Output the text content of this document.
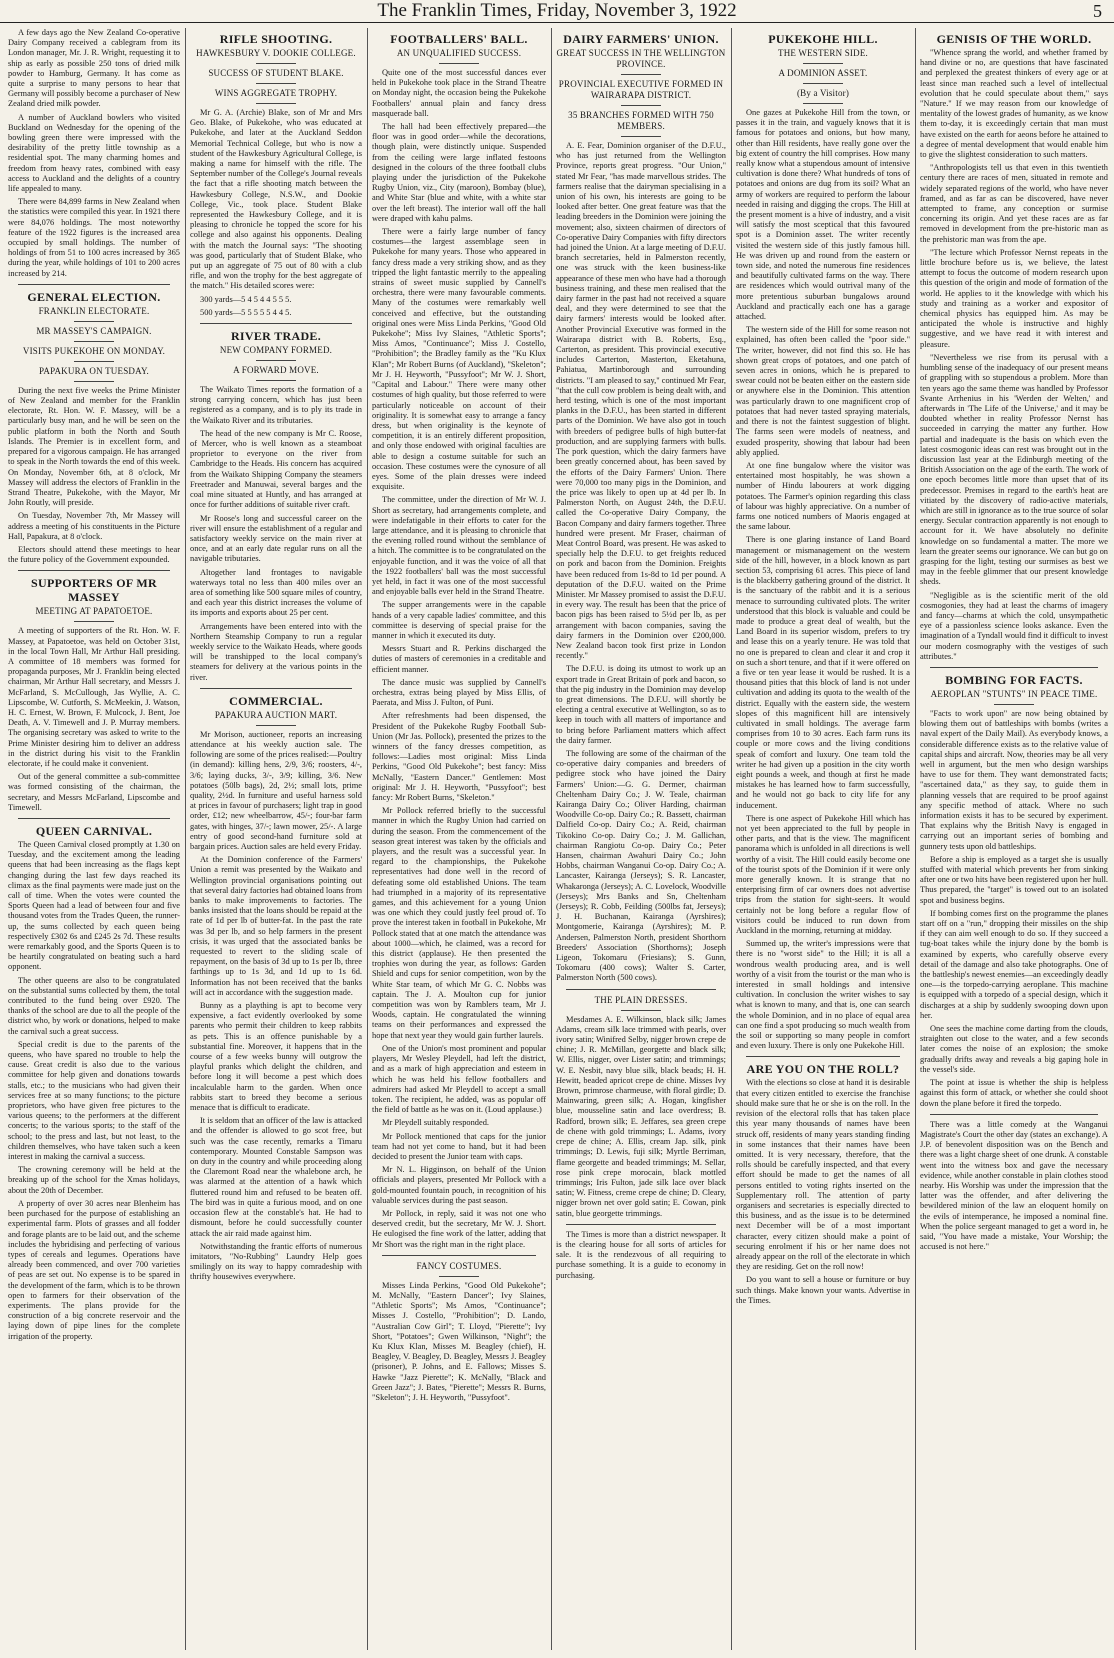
The Franklin Times, Friday, November 3, 1922	5

A few days ago the New Zealand Co-operative Dairy Company received a cablegram from its London manager, Mr. J. R. Wright, requesting it to ship as early as possible 250 tons of dried milk powder to Hamburg, Germany. It has come as quite a surprise to many persons to hear that Germany will possibly become a purchaser of New Zealand dried milk powder.

A number of Auckland bowlers who visited Buckland on Wednesday for the opening of the bowling green there were impressed with the desirability of the pretty little township as a residential spot. The many charming homes and freedom from heavy rates, combined with easy access to Auckland and the delights of a country life appealed to many.

There were 84,899 farms in New Zealand when the statistics were compiled this year. In 1921 there were 84,076 holdings. The most noteworthy feature of the 1922 figures is the increased area occupied by small holdings. The number of holdings of from 51 to 100 acres increased by 365 during the year, while holdings of 101 to 200 acres increased by 214.

GENERAL ELECTION.
FRANKLIN ELECTORATE.
MR MASSEY'S CAMPAIGN.
VISITS PUKEKOHE ON MONDAY.
PAPAKURA ON TUESDAY.

During the next five weeks the Prime Minister of New Zealand and member for the Franklin electorate, Rt. Hon. W. F. Massey, will be a particularly busy man, and he will be seen on the public platform in both the North and South Islands. The Premier is in excellent form, and prepared for a vigorous campaign. He has arranged to speak in the North towards the end of this week. On Monday, November 6th, at 8 o'clock, Mr Massey will address the electors of Franklin in the Strand Theatre, Pukekohe, with the Mayor, Mr John Routly, will preside.

On Tuesday, November 7th, Mr Massey will address a meeting of his constituents in the Picture Hall, Papakura, at 8 o'clock.

Electors should attend these meetings to hear the future policy of the Government expounded.

SUPPORTERS OF MR MASSEY
MEETING AT PAPATOETOE.

A meeting of supporters of the Rt. Hon. W. F. Massey, at Papatoetoe, was held on October 31st, in the local Town Hall, Mr Arthur Hall presiding. A committee of 18 members was formed for propaganda purposes, Mr J. Franklin being elected chairman, Mr Arthur Hall secretary, and Messrs J. McFarland, S. McCullough, Jas Wyllie, A. C. Lipscombe, W. Cutforth, S. McMeekin, J. Watson, H. C. Ernest, W. Brown, F. Mulcock, J. Bent, Joe Death, A. V. Timewell and J. P. Murray members. The organising secretary was asked to write to the Prime Minister desiring him to deliver an address in the district during his visit to the Franklin electorate, if he could make it convenient.

Out of the general committee a sub-committee was formed consisting of the chairman, the secretary, and Messrs McFarland, Lipscombe and Timewell.

QUEEN CARNIVAL.

The Queen Carnival closed promptly at 1.30 on Tuesday, and the excitement among the leading queens that had been increasing as the flags kept changing during the last few days reached its climax as the final payments were made just on the call of time. When the votes were counted the Sports Queen had a lead of between four and five thousand votes from the Trades Queen, the runner-up, the sums collected by each queen being respectively £302 6s and £245 2s 7d. These results were remarkably good, and the Sports Queen is to be heartily congratulated on beating such a hard opponent.

The other queens are also to be congratulated on the substantial sums collected by them, the total contributed to the fund being over £920. The thanks of the school are due to all the people of the district who, by work or donations, helped to make the carnival such a great success.

Special credit is due to the parents of the queens, who have spared no trouble to help the cause. Great credit is also due to the various committee for help given and donations towards stalls, etc.; to the musicians who had given their services free at so many functions; to the picture proprietors, who have given free pictures to the various queens; to the performers at the different concerts; to the various sports; to the staff of the school; to the press and last, but not least, to the children themselves, who have taken such a keen interest in making the carnival a success.

The crowning ceremony will be held at the breaking up of the school for the Xmas holidays, about the 20th of December.

A property of over 30 acres near Blenheim has been purchased for the purpose of establishing an experimental farm. Plots of grasses and all fodder and forage plants are to be laid out, and the scheme includes the hybridising and perfecting of various types of cereals and legumes. Operations have already been commenced, and over 700 varieties of peas are set out. No expense is to be spared in the development of the farm, which is to be thrown open to farmers for their observation of the experiments. The plans provide for the construction of a big concrete reservoir and the laying down of pipe lines for the complete irrigation of the property.

RIFLE SHOOTING.
HAWKESBURY V. DOOKIE COLLEGE.
SUCCESS OF STUDENT BLAKE.
WINS AGGREGATE TROPHY.

Mr G. A. (Archie) Blake, son of Mr and Mrs Geo. Blake, of Pukekohe, who was educated at Pukekohe, and later at the Auckland Seddon Memorial Technical College, but who is now a student of the Hawkesbury Agricultural College, is making a name for himself with the rifle. The September number of the College's Journal reveals the fact that a rifle shooting match between the Hawkesbury College, N.S.W., and Dookie College, Vic., took place. Student Blake represented the Hawkesbury College, and it is pleasing to chronicle he topped the score for his college and also against his opponents. Dealing with the match the Journal says: "The shooting was good, particularly that of Student Blake, who put up an aggregate of 75 out of 80 with a club rifle, and won the trophy for the best aggregate of the match." His detailed scores were:

300 yards—5 4 5 4 4 5 5 5.

500 yards—5 5 5 5 5 4 4 5.

RIVER TRADE.
NEW COMPANY FORMED.
A FORWARD MOVE.

The Waikato Times reports the formation of a strong carrying concern, which has just been registered as a company, and is to ply its trade in the Waikato River and its tributaries.

The head of the new company is Mr C. Roose, of Mercer, who is well known as a steamboat proprietor to everyone on the river from Cambridge to the Heads. His concern has acquired from the Waikato Shipping Company the steamers Freetrader and Manuwai, several barges and the coal mine situated at Huntly, and has arranged at once for further additions of suitable river craft.

Mr Roose's long and successful career on the river will ensure the establishment of a regular and satisfactory weekly service on the main river at once, and at an early date regular runs on all the navigable tributaries.

Altogether land frontages to navigable waterways total no less than 400 miles over an area of something like 500 square miles of country, and each year this district increases the volume of its imports and exports about 25 per cent.

Arrangements have been entered into with the Northern Steamship Company to run a regular weekly service to the Waikato Heads, where goods will be transhipped to the local company's steamers for delivery at the various points in the river.

COMMERCIAL.
PAPAKURA AUCTION MART.

Mr Morison, auctioneer, reports an increasing attendance at his weekly auction sale. The following are some of the prices realised:—Poultry (in demand): killing hens, 2/9, 3/6; roosters, 4/-, 3/6; laying ducks, 3/-, 3/9; killing, 3/6. New potatoes (50lb bags), 2d, 2½; small lots, prime quality, 2½d. In furniture and useful harness sold at prices in favour of purchasers; light trap in good order, £12; new wheelbarrow, 45/-; four-bar farm gates, with hinges, 37/-; lawn mower, 25/-. A large entry of good second-hand furniture sold at bargain prices. Auction sales are held every Friday.

At the Dominion conference of the Farmers' Union a remit was presented by the Waikato and Wellington provincial organisations pointing out that several dairy factories had obtained loans from banks to make improvements to factories. The banks insisted that the loans should be repaid at the rate of 1d per lb of butter-fat. In the past the rate was 3d per lb, and so help farmers in the present crisis, it was urged that the associated banks be requested to revert to the sliding scale of repayment, on the basis of 3d up to 1s per lb, three farthings up to 1s 3d, and 1d up to 1s 6d. Information has not been received that the banks will act in accordance with the suggestion made.

Bunny as a plaything is apt to become very expensive, a fact evidently overlooked by some parents who permit their children to keep rabbits as pets. This is an offence punishable by a substantial fine. Moreover, it happens that in the course of a few weeks bunny will outgrow the playful pranks which delight the children, and before long it will become a pest which does incalculable harm to the garden. When once rabbits start to breed they become a serious menace that is difficult to eradicate.

It is seldom that an officer of the law is attacked and the offender is allowed to go scot free, but such was the case recently, remarks a Timaru contemporary. Mounted Constable Sampson was on duty in the country and while proceeding along the Claremont Road near the whalebone arch, he was alarmed at the attention of a hawk which fluttered round him and refused to be beaten off. The bird was in quite a furious mood, and on one occasion flew at the constable's hat. He had to dismount, before he could successfully counter attack the air raid made against him.

Notwithstanding the frantic efforts of numerous imitators, "No-Rubbing" Laundry Help goes smilingly on its way to happy comradeship with thrifty housewives everywhere.

FOOTBALLERS' BALL.
AN UNQUALIFIED SUCCESS.

Quite one of the most successful dances ever held in Pukekohe took place in the Strand Theatre on Monday night, the occasion being the Pukekohe Footballers' annual plain and fancy dress masquerade ball.

The hall had been effectively prepared—the floor was in good order—while the decorations, though plain, were distinctly unique. Suspended from the ceiling were large inflated festoons designed in the colours of the three football clubs playing under the jurisdiction of the Pukekohe Rugby Union, viz., City (maroon), Bombay (blue), and White Star (blue and white, with a white star over the left breast). The interior wall off the hall were draped with kahu palms.

There were a fairly large number of fancy costumes—the largest assemblage seen in Pukekohe for many years. Those who appeared in fancy dress made a very striking show, and as they tripped the light fantastic merrily to the appealing strains of sweet music supplied by Cannell's orchestra, there were many favourable comments. Many of the costumes were remarkably well conceived and effective, but the outstanding original ones were Miss Linda Perkins, "Good Old Pukekohe"; Miss Ivy Slaines, "Athletic Sports"; Miss Amos, "Continuance"; Miss J. Costello, "Prohibition"; the Bradley family as the "Ku Klux Klan"; Mr Robert Burns (of Auckland), "Skeleton"; Mr J. H. Heyworth, "Pussyfoot"; Mr W. J. Short, "Capital and Labour." There were many other costumes of high quality, but those referred to were particularly noticeable on account of their originality. It is somewhat easy to arrange a fancy dress, but when originality is the keynote of competition, it is an entirely different proposition, and only those endowed with original faculties are able to design a costume suitable for such an occasion. These costumes were the cynosure of all eyes. Some of the plain dresses were indeed exquisite.

The committee, under the direction of Mr W. J. Short as secretary, had arrangements complete, and were indefatigable in their efforts to cater for the large attendance, and it is pleasing to chronicle that the evening rolled round without the semblance of a hitch. The committee is to be congratulated on the enjoyable function, and it was the voice of all that the 1922 footballers' ball was the most successful yet held, in fact it was one of the most successful and enjoyable balls ever held in the Strand Theatre.

The supper arrangements were in the capable hands of a very capable ladies' committee, and this committee is deserving of special praise for the manner in which it executed its duty.

Messrs Stuart and R. Perkins discharged the duties of masters of ceremonies in a creditable and efficient manner.

The dance music was supplied by Cannell's orchestra, extras being played by Miss Ellis, of Paerata, and Miss J. Fulton, of Puni.

After refreshments had been dispensed, the President of the Pukekohe Rugby Football Sub-Union (Mr Jas. Pollock), presented the prizes to the winners of the fancy dresses competition, as follows:—Ladies most original: Miss Linda Perkins, "Good Old Pukekohe"; best fancy: Miss McNally, "Eastern Dancer." Gentlemen: Most original: Mr J. H. Heyworth, "Pussyfoot"; best fancy: Mr Robert Burns, "Skeleton."

Mr Pollock referred briefly to the successful manner in which the Rugby Union had carried on during the season. From the commencement of the season great interest was taken by the officials and players, and the result was a successful year. In regard to the championships, the Pukekohe representatives had done well in the record of defeating some old established Unions. The team had triumphed in a majority of its representative games, and this achievement for a young Union was one which they could justly feel proud of. To prove the interest taken in football in Pukekohe, Mr Pollock stated that at one match the attendance was about 1000—which, he claimed, was a record for this district (applause). He then presented the trophies won during the year, as follows: Garden Shield and cups for senior competition, won by the White Star team, of which Mr G. C. Nobbs was captain. The J. A. Moulton cup for junior competition was won by Ramblers team, Mr J. Woods, captain. He congratulated the winning teams on their performances and expressed the hope that next year they would gain further laurels.

One of the Union's most prominent and popular players, Mr Wesley Pleydell, had left the district, and as a mark of high appreciation and esteem in which he was held his fellow footballers and admirers had asked Mr Pleydell to accept a small token. The recipient, he added, was as popular off the field of battle as he was on it. (Loud applause.)

Mr Pleydell suitably responded.

Mr Pollock mentioned that caps for the junior team had not yet come to hand, but it had been decided to present the Junior team with caps.

Mr N. L. Higginson, on behalf of the Union officials and players, presented Mr Pollock with a gold-mounted fountain pouch, in recognition of his valuable services during the past season.

Mr Pollock, in reply, said it was not one who deserved credit, but the secretary, Mr W. J. Short. He eulogised the fine work of the latter, adding that Mr Short was the right man in the right place.

FANCY COSTUMES.

Misses Linda Perkins, "Good Old Pukekohe"; M. McNally, "Eastern Dancer"; Ivy Slaines, "Athletic Sports"; Ms Amos, "Continuance"; Misses J. Costello, "Prohibition"; D. Lando, "Australian Cow Girl"; T. Lloyd, "Pierette"; Ivy Short, "Potatoes"; Gwen Wilkinson, "Night"; the Ku Klux Klan, Misses M. Beagley (chief), H. Beagley, V. Beagley, D. Beagley, Messrs J. Beagley (prisoner), P. Johns, and E. Fallows; Misses S. Hawke "Jazz Pierette"; K. McNally, "Black and Green Jazz"; J. Bates, "Pierette"; Messrs R. Burns, "Skeleton"; J. H. Heyworth, "Pussyfoot".

DAIRY FARMERS' UNION.
GREAT SUCCESS IN THE WELLINGTON PROVINCE.
PROVINCIAL EXECUTIVE FORMED IN WAIRARAPA DISTRICT.
35 BRANCHES FORMED WITH 750 MEMBERS.

A. E. Fear, Dominion organiser of the D.F.U., who has just returned from the Wellington Province, reports great progress. "Our Union," stated Mr Fear, "has made marvellous strides. The farmers realise that the dairyman specialising in a union of his own, his interests are going to be looked after better. One great feature was that the leading breeders in the Dominion were joining the movement; also, sixteen chairmen of directors of Co-operative Dairy Companies with fifty directors had joined the Union. At a large meeting of D.F.U. branch secretaries, held in Palmerston recently, one was struck with the keen business-like appearance of these men who have had a thorough business training, and these men realised that the dairy farmer in the past had not received a square deal, and they were determined to see that the dairy farmers' interests would be looked after. Another Provincial Executive was formed in the Wairarapa district with B. Roberts, Esq., Carterton, as president. This provincial executive includes Carterton, Masterton, Eketahuna, Pahiatua, Martinborough and surrounding districts. "I am pleased to say," continued Mr Fear, "that the cull cow problem is being dealt with, and herd testing, which is one of the most important planks in the D.F.U., has been started in different parts of the Dominion. We have also got in touch with breeders of pedigree bulls of high butter-fat production, and are supplying farmers with bulls. The pork question, which the dairy farmers have been greatly concerned about, has been saved by the efforts of the Dairy Farmers' Union. There were 70,000 too many pigs in the Dominion, and the price was likely to open up at 4d per lb. In Palmerston North, on August 24th, the D.F.U. called the Co-operative Dairy Company, the Bacon Company and dairy farmers together. Three hundred were present. Mr Fraser, chairman of Meat Control Board, was present. He was asked to specially help the D.F.U. to get freights reduced on pork and bacon from the Dominion. Freights have been reduced from 1s-8d to 1d per pound. A deputation of the D.F.U. waited on the Prime Minister. Mr Massey promised to assist the D.F.U. in every way. The result has been that the price of bacon pigs has been raised to 5½d per lb, as per arrangement with bacon companies, saving the dairy farmers in the Dominion over £200,000. New Zealand bacon took first prize in London recently."

The D.F.U. is doing its utmost to work up an export trade in Great Britain of pork and bacon, so that the pig industry in the Dominion may develop to great dimensions. The D.F.U. will shortly be electing a central executive at Wellington, so as to keep in touch with all matters of importance and to bring before Parliament matters which affect the dairy farmer.

The following are some of the chairman of the co-operative dairy companies and breeders of pedigree stock who have joined the Dairy Farmers' Union:—G. G. Dermer, chairman Cheltenham Dairy Co.; J. W. Teale, chairman Kairanga Dairy Co.; Oliver Harding, chairman Woodville Co-op. Dairy Co.; R. Bassett, chairman Dalfield Co-op. Dairy Co.; A. Reid, chairman Tikokino Co-op. Dairy Co.; J. M. Gallichan, chairman Rangiotu Co-op. Dairy Co.; Peter Hansen, chairman Awahuri Dairy Co.; John Hobbs, chairman Wanganui Co-op. Dairy Co.; A. Lancaster, Kairanga (Jerseys); S. R. Lancaster, Whakaronga (Jerseys); A. C. Lovelock, Woodville (Jerseys); Mrs Banks and Sn, Cheltenham (Jerseys); R. Cobb, Feilding (500lbs fat, Jerseys); J. H. Buchanan, Kairanga (Ayrshires); Montgomerie, Kairanga (Ayrshires); M. P. Andersen, Palmerston North, president Shorthorn Breeders' Association (Shorthorns); Joseph Ligeon, Tokomaru (Friesians); S. Gunn, Tokomaru (400 cows); Walter S. Carter, Palmerston North (500 cows).

THE PLAIN DRESSES.

Mesdames A. E. Wilkinson, black silk; James Adams, cream silk lace trimmed with pearls, over ivory satin; Winifred Selby, nigger brown crepe de chine; J. R. McMillan, georgette and black silk; W. Ellis, nigger, over Lister satin; and trimmings; W. E. Nesbit, navy blue silk, black beads; H. H. Hewitt, beaded apricot crepe de chine. Misses Ivy Brown, primrose charmeuse, with floral girdle; D. Mainwaring, green silk; A. Hogan, kingfisher blue, mousseline satin and lace overdress; B. Radford, brown silk; E. Jeffares, sea green crepe de chene with gold trimmings; L. Adams, ivory crepe de chine; A. Ellis, cream Jap. silk, pink trimmings; D. Lewis, fuji silk; Myrtle Berriman, flame georgette and beaded trimmings; M. Sellar, rose pink crepe morocain, black mottled trimmings; Iris Fulton, jade silk lace over black satin; W. Fitness, creme crepe de chine; D. Cleary, nigger brown net over gold satin; E. Cowan, pink satin, blue georgette trimmings.

The Times is more than a district newspaper. It is the clearing house for all sorts of articles for sale. It is the rendezvous of all requiring to purchase something. It is a guide to economy in purchasing.

PUKEKOHE HILL.
THE WESTERN SIDE.
A DOMINION ASSET.
(By a Visitor)

One gazes at Pukekohe Hill from the town, or passes it in the train, and vaguely knows that it is famous for potatoes and onions, but how many, other than Hill residents, have really gone over the big extent of country the hill comprises. How many really know what a stupendous amount of intensive cultivation is done there? What hundreds of tons of potatoes and onions are dug from its soil? What an army of workers are required to perform the labour needed in raising and digging the crops. The Hill at the present moment is a hive of industry, and a visit will satisfy the most sceptical that this favoured spot is a Dominion asset. The writer recently visited the western side of this justly famous hill. He was driven up and round from the eastern or town side, and noted the numerous fine residences and beautifully cultivated farms on the way. There are residences which would outrival many of the more pretentious suburban bungalows around Auckland and practically each one has a garage attached.

The western side of the Hill for some reason not explained, has often been called the "poor side." The writer, however, did not find this so. He has shown great crops of potatoes, and one patch of seven acres in onions, which he is prepared to swear could not be beaten either on the eastern side or anywhere else in the Dominion. This attention was particularly drawn to one magnificent crop of potatoes that had never tasted spraying materials, and there is not the faintest suggestion of blight. The farms seen were models of neatness, and exuded prosperity, showing that labour had been ably applied.

At one fine bungalow where the visitor was entertained most hospitably, he was shown a number of Hindu labourers at work digging potatoes. The Farmer's opinion regarding this class of labour was highly appreciative. On a number of farms one noticed numbers of Maoris engaged at the same labour.

There is one glaring instance of Land Board management or mismanagement on the western side of the hill, however, in a block known as part section 53, comprising 61 acres. This piece of land is the blackberry gathering ground of the district. It is the sanctuary of the rabbit and it is a serious menace to surrounding cultivated plots. The writer understood that this block is valuable and could be made to produce a great deal of wealth, but the Land Board in its superior wisdom, prefers to try and lease this on a yearly tenure. He was told that no one is prepared to clean and clear it and crop it on such a short tenure, and that if it were offered on a five or ten year lease it would be rushed. It is a thousand pities that this block of land is not under cultivation and adding its quota to the wealth of the district. Equally with the eastern side, the western slopes of this magnificent hill are intensively cultivated in small holdings. The average farm comprises from 10 to 30 acres. Each farm runs its couple or more cows and the living conditions speak of comfort and luxury. One team told the writer he had given up a position in the city worth eight pounds a week, and though at first he made mistakes he has learned how to farm successfully, and he would not go back to city life for any inducement.

There is one aspect of Pukekohe Hill which has not yet been appreciated to the full by people in other parts, and that is the view. The magnificent panorama which is unfolded in all directions is well worthy of a visit. The Hill could easily become one of the tourist spots of the Dominion if it were only more generally known. It is strange that no enterprising firm of car owners does not advertise trips from the station for sight-seers. It would certainly not be long before a regular flow of visitors could be induced to run down from Auckland in the morning, returning at midday.

Summed up, the writer's impressions were that there is no "worst side" to the Hill; it is all a wondrous wealth producing area, and is well worthy of a visit from the tourist or the man who is interested in small holdings and intensive cultivation. In conclusion the writer wishes to say what is known to many, and that is, one can search the whole Dominion, and in no place of equal area can one find a spot producing so much wealth from the soil or supporting so many people in comfort and even luxury. There is only one Pukekohe Hill.

ARE YOU ON THE ROLL?

With the elections so close at hand it is desirable that every citizen entitled to exercise the franchise should make sure that he or she is on the roll. In the revision of the electoral rolls that has taken place this year many thousands of names have been struck off, residents of many years standing finding in some instances that their names have been omitted. It is very necessary, therefore, that the rolls should be carefully inspected, and that every effort should be made to get the names of all persons entitled to voting rights inserted on the Supplementary roll. The attention of party organisers and secretaries is especially directed to this business, and as the issue is to be determined next December will be of a most important character, every citizen should make a point of securing enrolment if his or her name does not already appear on the roll of the electorate in which they are residing. Get on the roll now!

Do you want to sell a house or furniture or buy such things. Make known your wants. Advertise in the Times.

GENISIS OF THE WORLD.

"Whence sprang the world, and whether framed by hand divine or no, are questions that have fascinated and perplexed the greatest thinkers of every age or at least since man reached such a level of intellectual evolution that he could speculate about them," says "Nature." If we may reason from our knowledge of mentality of the lowest grades of humanity, as we know them to-day, it is exceedingly certain that man must have existed on the earth for aeons before he attained to a degree of mental development that would enable him to give the slightest consideration to such matters.

"Anthropologists tell us that even in this twentieth century there are races of men, situated in remote and widely separated regions of the world, who have never framed, and as far as can be discovered, have never attempted to frame, any conception or surmise concerning its origin. And yet these races are as far removed in development from the pre-historic man as the prehistoric man was from the ape.

"The lecture which Professor Nernst repeats in the little brochure before us is, we believe, the latest attempt to focus the outcome of modern research upon this question of the origin and mode of formation of the world. He applies to it the knowledge with which his study and training as a worker and expositor of chemical physics has equipped him. As may be anticipated the whole is instructive and highly suggestive, and we have read it with interest and pleasure.

"Nevertheless we rise from its perusal with a humbling sense of the inadequacy of our present means of grappling with so stupendous a problem. More than ten years ago the same theme was handled by Professor Svante Arrhenius in his 'Werden der Welten,' and afterwards in 'The Life of the Universe,' and it may be doubted whether in reality Professor Nernst has succeeded in carrying the matter any further. How partial and inadequate is the basis on which even the latest cosmogonic ideas can rest was brought out in the discussion last year at the Edinburgh meeting of the British Association on the age of the earth. The work of one epoch becomes little more than upset that of its predecessor. Premises in regard to the earth's heat are vitiated by the discovery of radio-active materials, which are still in ignorance as to the true source of solar energy. Secular contraction apparently is not enough to account for it. We have absolutely no definite knowledge on so fundamental a matter. The more we learn the greater seems our ignorance. We can but go on grasping for the light, testing our surmises as best we may in the feeble glimmer that our present knowledge sheds.

"Negligible as is the scientific merit of the old cosmogonies, they had at least the charms of imagery and fancy—charms at which the cold, unsympathetic eye of a passionless science looks askance. Even the imagination of a Tyndall would find it difficult to invest our modern cosmography with the vestiges of such attributes."

BOMBING FOR FACTS.
AEROPLAN "STUNTS" IN PEACE TIME.

"Facts to work upon" are now being obtained by blowing them out of battleships with bombs (writes a naval expert of the Daily Mail). As everybody knows, a considerable difference exists as to the relative value of capital ships and aircraft. Now, theories may be all very well in argument, but the men who design warships have to use for them. They want demonstrated facts; "ascertained data," as they say, to guide them in planning vessels that are required to be proof against any specific method of attack. Where no such information exists it has to be secured by experiment. That explains why the British Navy is engaged in carrying out an important series of bombing and gunnery tests upon old battleships.

Before a ship is employed as a target she is usually stuffed with material which prevents her from sinking after one or two hits have been registered upon her hull. Thus prepared, the "target" is towed out to an isolated spot and business begins.

If bombing comes first on the programme the planes start off on a "run," dropping their missiles on the ship if they can aim well enough to do so. If they succeed a tug-boat takes while the injury done by the bomb is examined by experts, who carefully observe every detail of the damage and also take photographs. One of the battleship's newest enemies—an exceedingly deadly one—is the torpedo-carrying aeroplane. This machine is equipped with a torpedo of a special design, which it discharges at a ship by suddenly swooping down upon her.

One sees the machine come darting from the clouds, straighten out close to the water, and a few seconds later comes the noise of an explosion; the smoke gradually drifts away and reveals a big gaping hole in the vessel's side.

The point at issue is whether the ship is helpless against this form of attack, or whether she could shoot down the plane before it fired the torpedo.

There was a little comedy at the Wanganui Magistrate's Court the other day (states an exchange). A J.P. of benevolent disposition was on the Bench and there was a light charge sheet of one drunk. A constable went into the witness box and gave the necessary evidence, while another constable in plain clothes stood nearby. His Worship was under the impression that the latter was the offender, and after delivering the bewildered minion of the law an eloquent homily on the evils of intemperance, he imposed a nominal fine. When the police sergeant managed to get a word in, he said, "You have made a mistake, Your Worship; the accused is not here."
